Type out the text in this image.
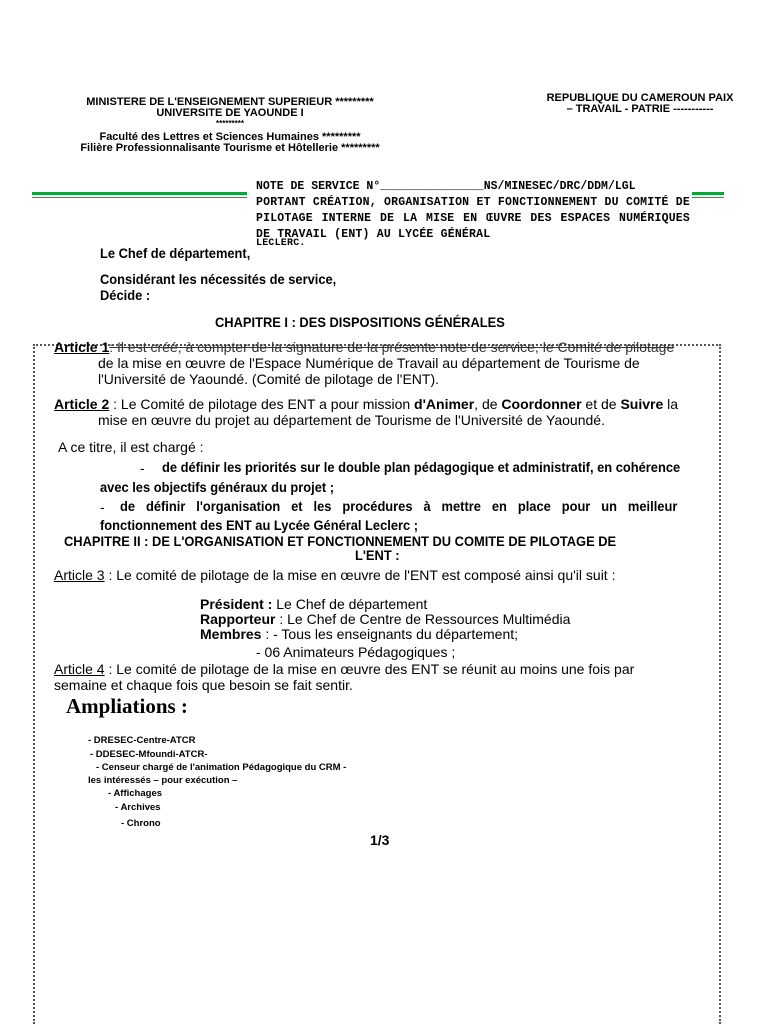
MINISTERE DE L'ENSEIGNEMENT SUPERIEUR *********
UNIVERSITE DE YAOUNDE I
*********
Faculté des Lettres et Sciences Humaines *********
Filière Professionnalisante Tourisme et Hôtellerie *********
REPUBLIQUE DU CAMEROUN PAIX
– TRAVAIL - PATRIE -----------
NOTE DE SERVICE N°_______________NS/MINESEC/DRC/DDM/LGL
PORTANT CRÉATION, ORGANISATION ET FONCTIONNEMENT DU COMITÉ DE PILOTAGE INTERNE DE LA MISE EN ŒUVRE DES ESPACES NUMÉRIQUES DE TRAVAIL (ENT) AU LYCÉE GÉNÉRAL
LECLERC.
Le Chef de département,
Considérant les nécessités de service,
Décide :
CHAPITRE I : DES DISPOSITIONS GÉNÉRALES
Article 1: Il est créé, à compter de la signature de la présente note de service, le Comité de pilotage
de la mise en œuvre de l'Espace Numérique de Travail au département de Tourisme de
l'Université de Yaoundé. (Comité de pilotage de l'ENT).
Article 2 : Le Comité de pilotage des ENT a pour mission d'Animer, de Coordonner et de Suivre la
mise en œuvre du projet au département de Tourisme de l'Université de Yaoundé.
A ce titre, il est chargé :
- de définir les priorités sur le double plan pédagogique et administratif, en cohérence
avec les objectifs généraux du projet ;
- de définir l'organisation et les procédures à mettre en place pour un meilleur
fonctionnement des ENT au Lycée Général Leclerc ;
CHAPITRE II : DE L'ORGANISATION ET FONCTIONNEMENT DU COMITE DE PILOTAGE DE
L'ENT :
Article 3 : Le comité de pilotage de la mise en œuvre de l'ENT est composé ainsi qu'il suit :
Président : Le Chef de département
Rapporteur : Le Chef de Centre de Ressources Multimédia
Membres : - Tous les enseignants du département;
- 06 Animateurs Pédagogiques ;
Article 4 : Le comité de pilotage de la mise en œuvre des ENT se réunit au moins une fois par
semaine et chaque fois que besoin se fait sentir.
Ampliations :
- DRESEC-Centre-ATCR
- DDESEC-Mfoundi-ATCR-
- Censeur chargé de l'animation Pédagogique du CRM -
les intéressés – pour exécution –
- Affichages
- Archives
- Chrono
1/3
